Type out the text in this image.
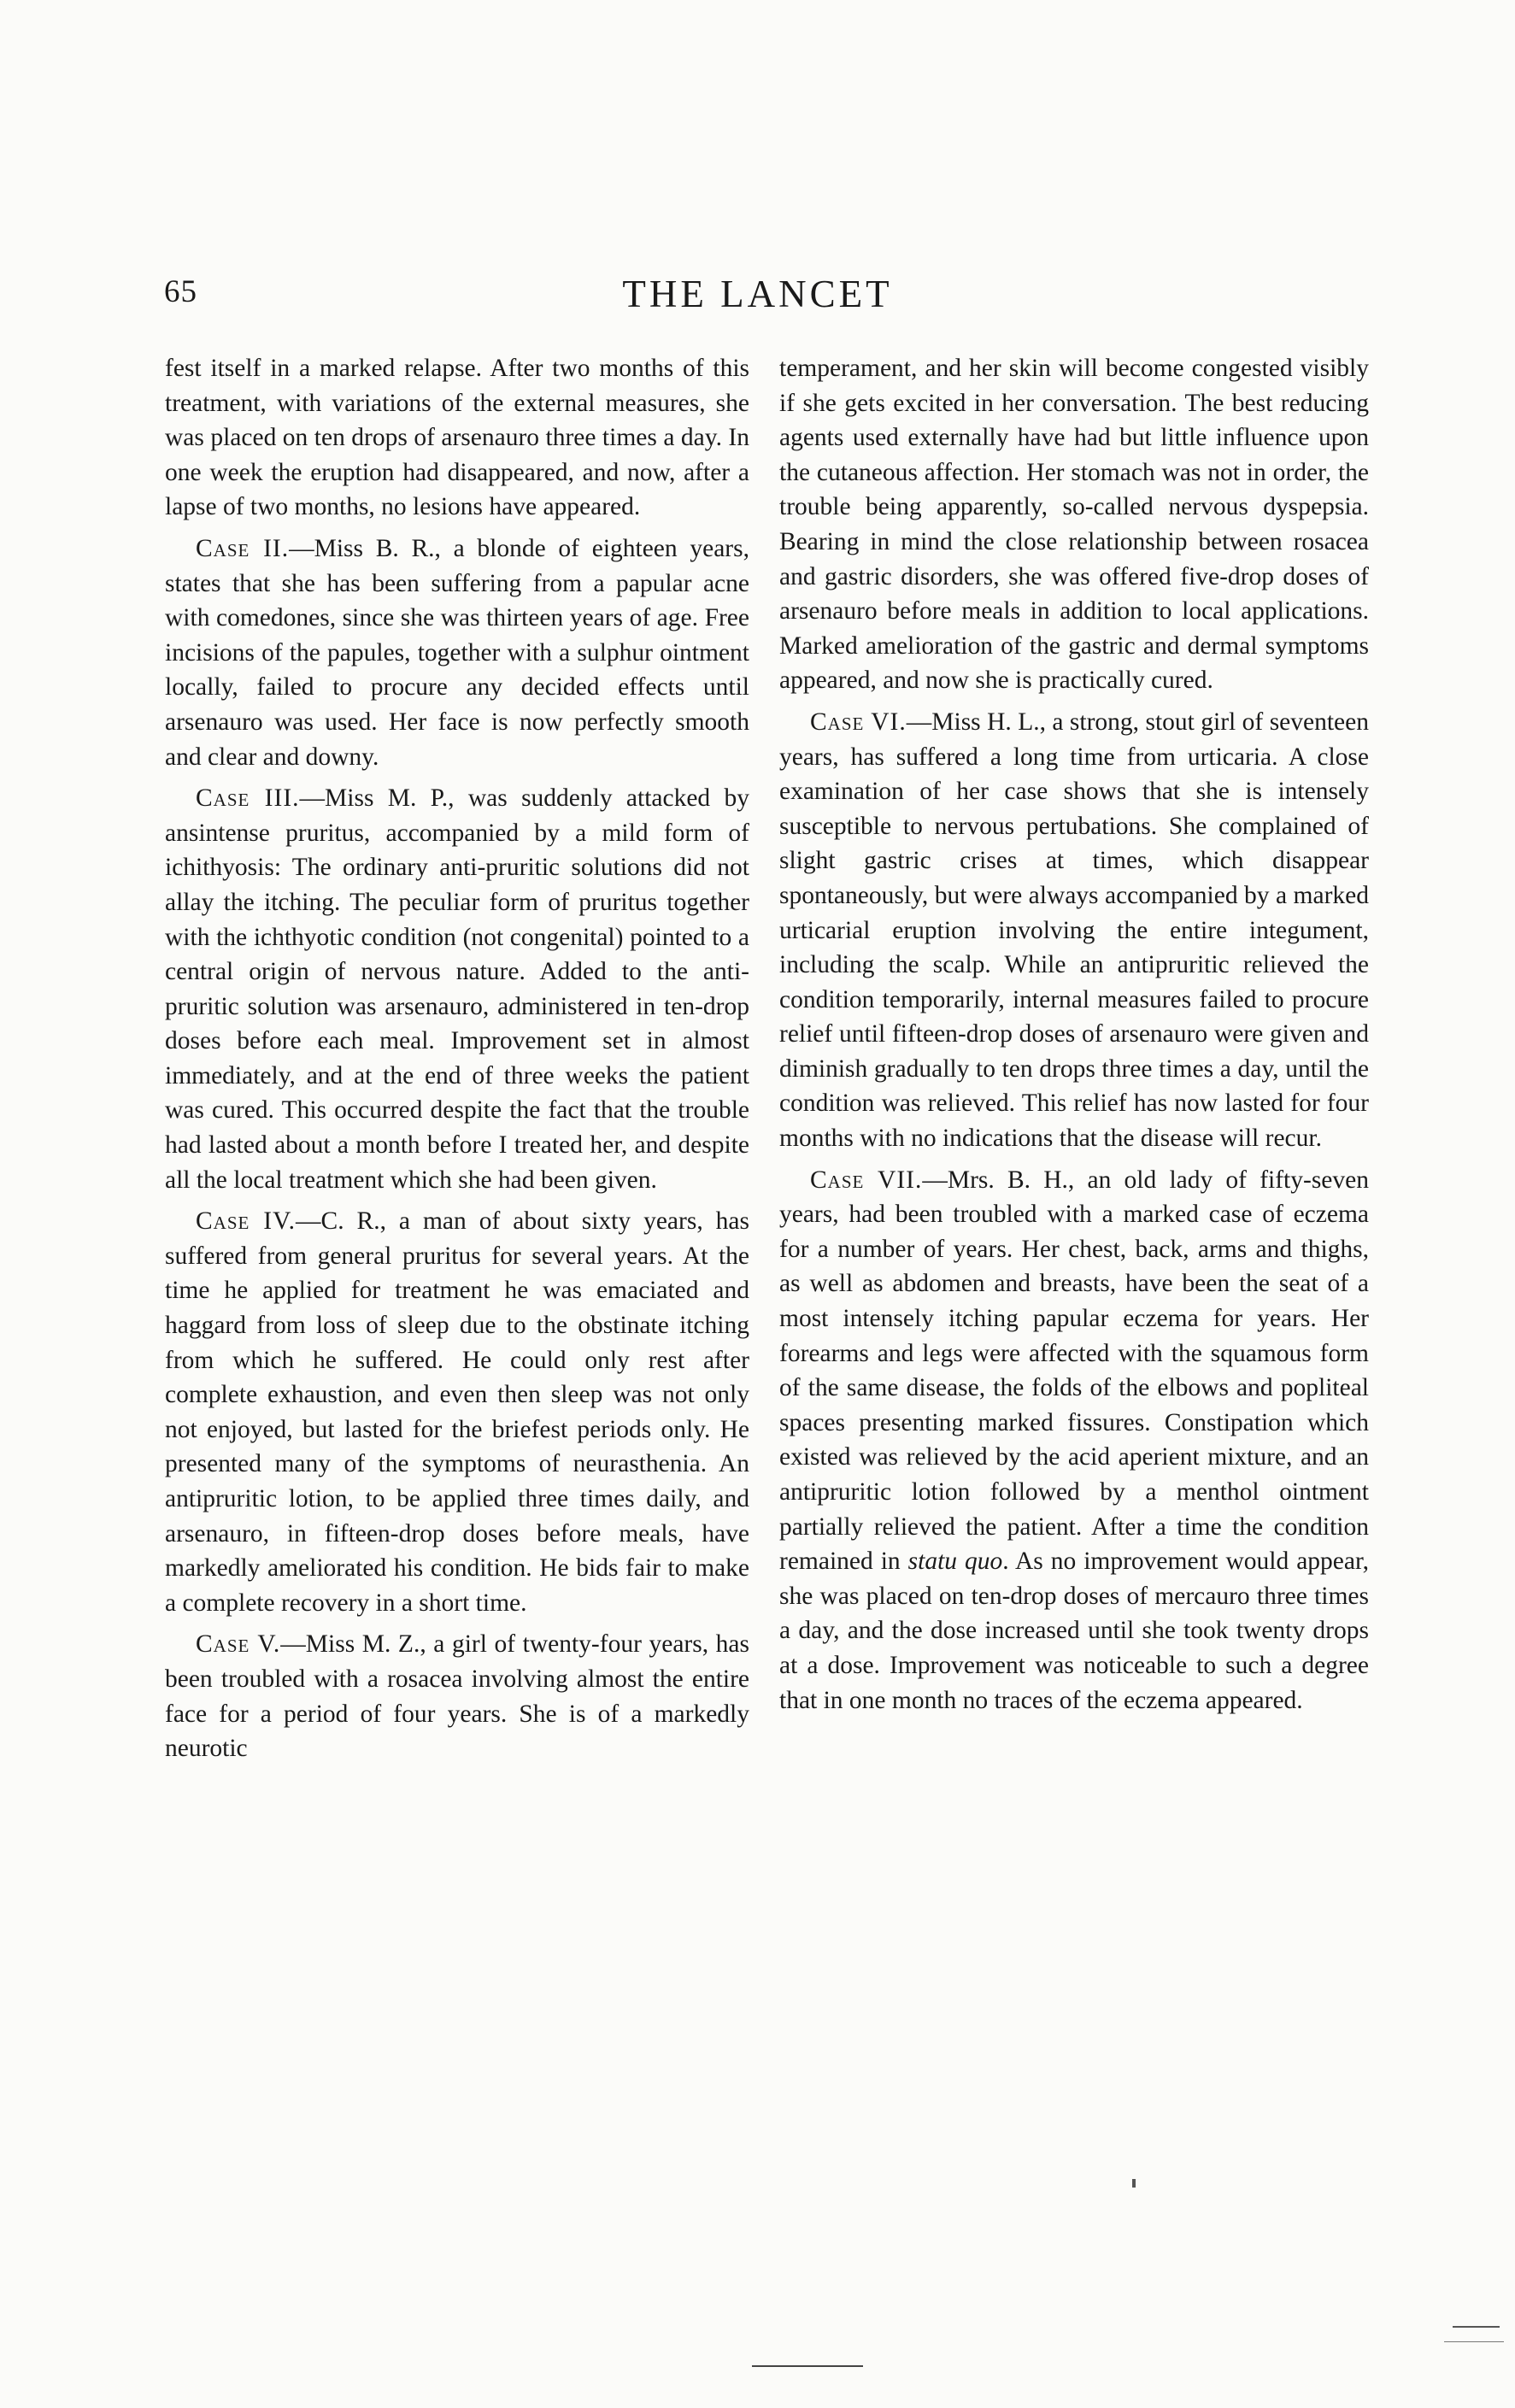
65	THE LANCET

fest itself in a marked relapse. After two months of this treatment, with variations of the external measures, she was placed on ten drops of arsenauro three times a day. In one week the eruption had disappeared, and now, after a lapse of two months, no lesions have appeared.

Case II.—Miss B. R., a blonde of eighteen years, states that she has been suffering from a papular acne with comedones, since she was thirteen years of age. Free incisions of the papules, together with a sulphur ointment locally, failed to procure any decided effects until arsenauro was used. Her face is now perfectly smooth and clear and downy.

Case III.—Miss M. P., was suddenly attacked by ansintense pruritus, accompanied by a mild form of ichithyosis: The ordinary anti-pruritic solutions did not allay the itching. The peculiar form of pruritus together with the ichthyotic condition (not congenital) pointed to a central origin of nervous nature. Added to the anti-pruritic solution was arsenauro, administered in ten-drop doses before each meal. Improvement set in almost immediately, and at the end of three weeks the patient was cured. This occurred despite the fact that the trouble had lasted about a month before I treated her, and despite all the local treatment which she had been given.

Case IV.—C. R., a man of about sixty years, has suffered from general pruritus for several years. At the time he applied for treatment he was emaciated and haggard from loss of sleep due to the obstinate itching from which he suffered. He could only rest after complete exhaustion, and even then sleep was not only not enjoyed, but lasted for the briefest periods only. He presented many of the symptoms of neurasthenia. An antipruritic lotion, to be applied three times daily, and arsenauro, in fifteen-drop doses before meals, have markedly ameliorated his condition. He bids fair to make a complete recovery in a short time.

Case V.—Miss M. Z., a girl of twenty-four years, has been troubled with a rosacea involving almost the entire face for a period of four years. She is of a markedly neurotic

temperament, and her skin will become congested visibly if she gets excited in her conversation. The best reducing agents used externally have had but little influence upon the cutaneous affection. Her stomach was not in order, the trouble being apparently, so-called nervous dyspepsia. Bearing in mind the close relationship between rosacea and gastric disorders, she was offered five-drop doses of arsenauro before meals in addition to local applications. Marked amelioration of the gastric and dermal symptoms appeared, and now she is practically cured.

Case VI.—Miss H. L., a strong, stout girl of seventeen years, has suffered a long time from urticaria. A close examination of her case shows that she is intensely susceptible to nervous pertubations. She complained of slight gastric crises at times, which disappear spontaneously, but were always accompanied by a marked urticarial eruption involving the entire integument, including the scalp. While an antipruritic relieved the condition temporarily, internal measures failed to procure relief until fifteen-drop doses of arsenauro were given and diminish gradually to ten drops three times a day, until the condition was relieved. This relief has now lasted for four months with no indications that the disease will recur.

Case VII.—Mrs. B. H., an old lady of fifty-seven years, had been troubled with a marked case of eczema for a number of years. Her chest, back, arms and thighs, as well as abdomen and breasts, have been the seat of a most intensely itching papular eczema for years. Her forearms and legs were affected with the squamous form of the same disease, the folds of the elbows and popliteal spaces presenting marked fissures. Constipation which existed was relieved by the acid aperient mixture, and an antipruritic lotion followed by a menthol ointment partially relieved the patient. After a time the condition remained in statu quo. As no improvement would appear, she was placed on ten-drop doses of mercauro three times a day, and the dose increased until she took twenty drops at a dose. Improvement was noticeable to such a degree that in one month no traces of the eczema appeared.
